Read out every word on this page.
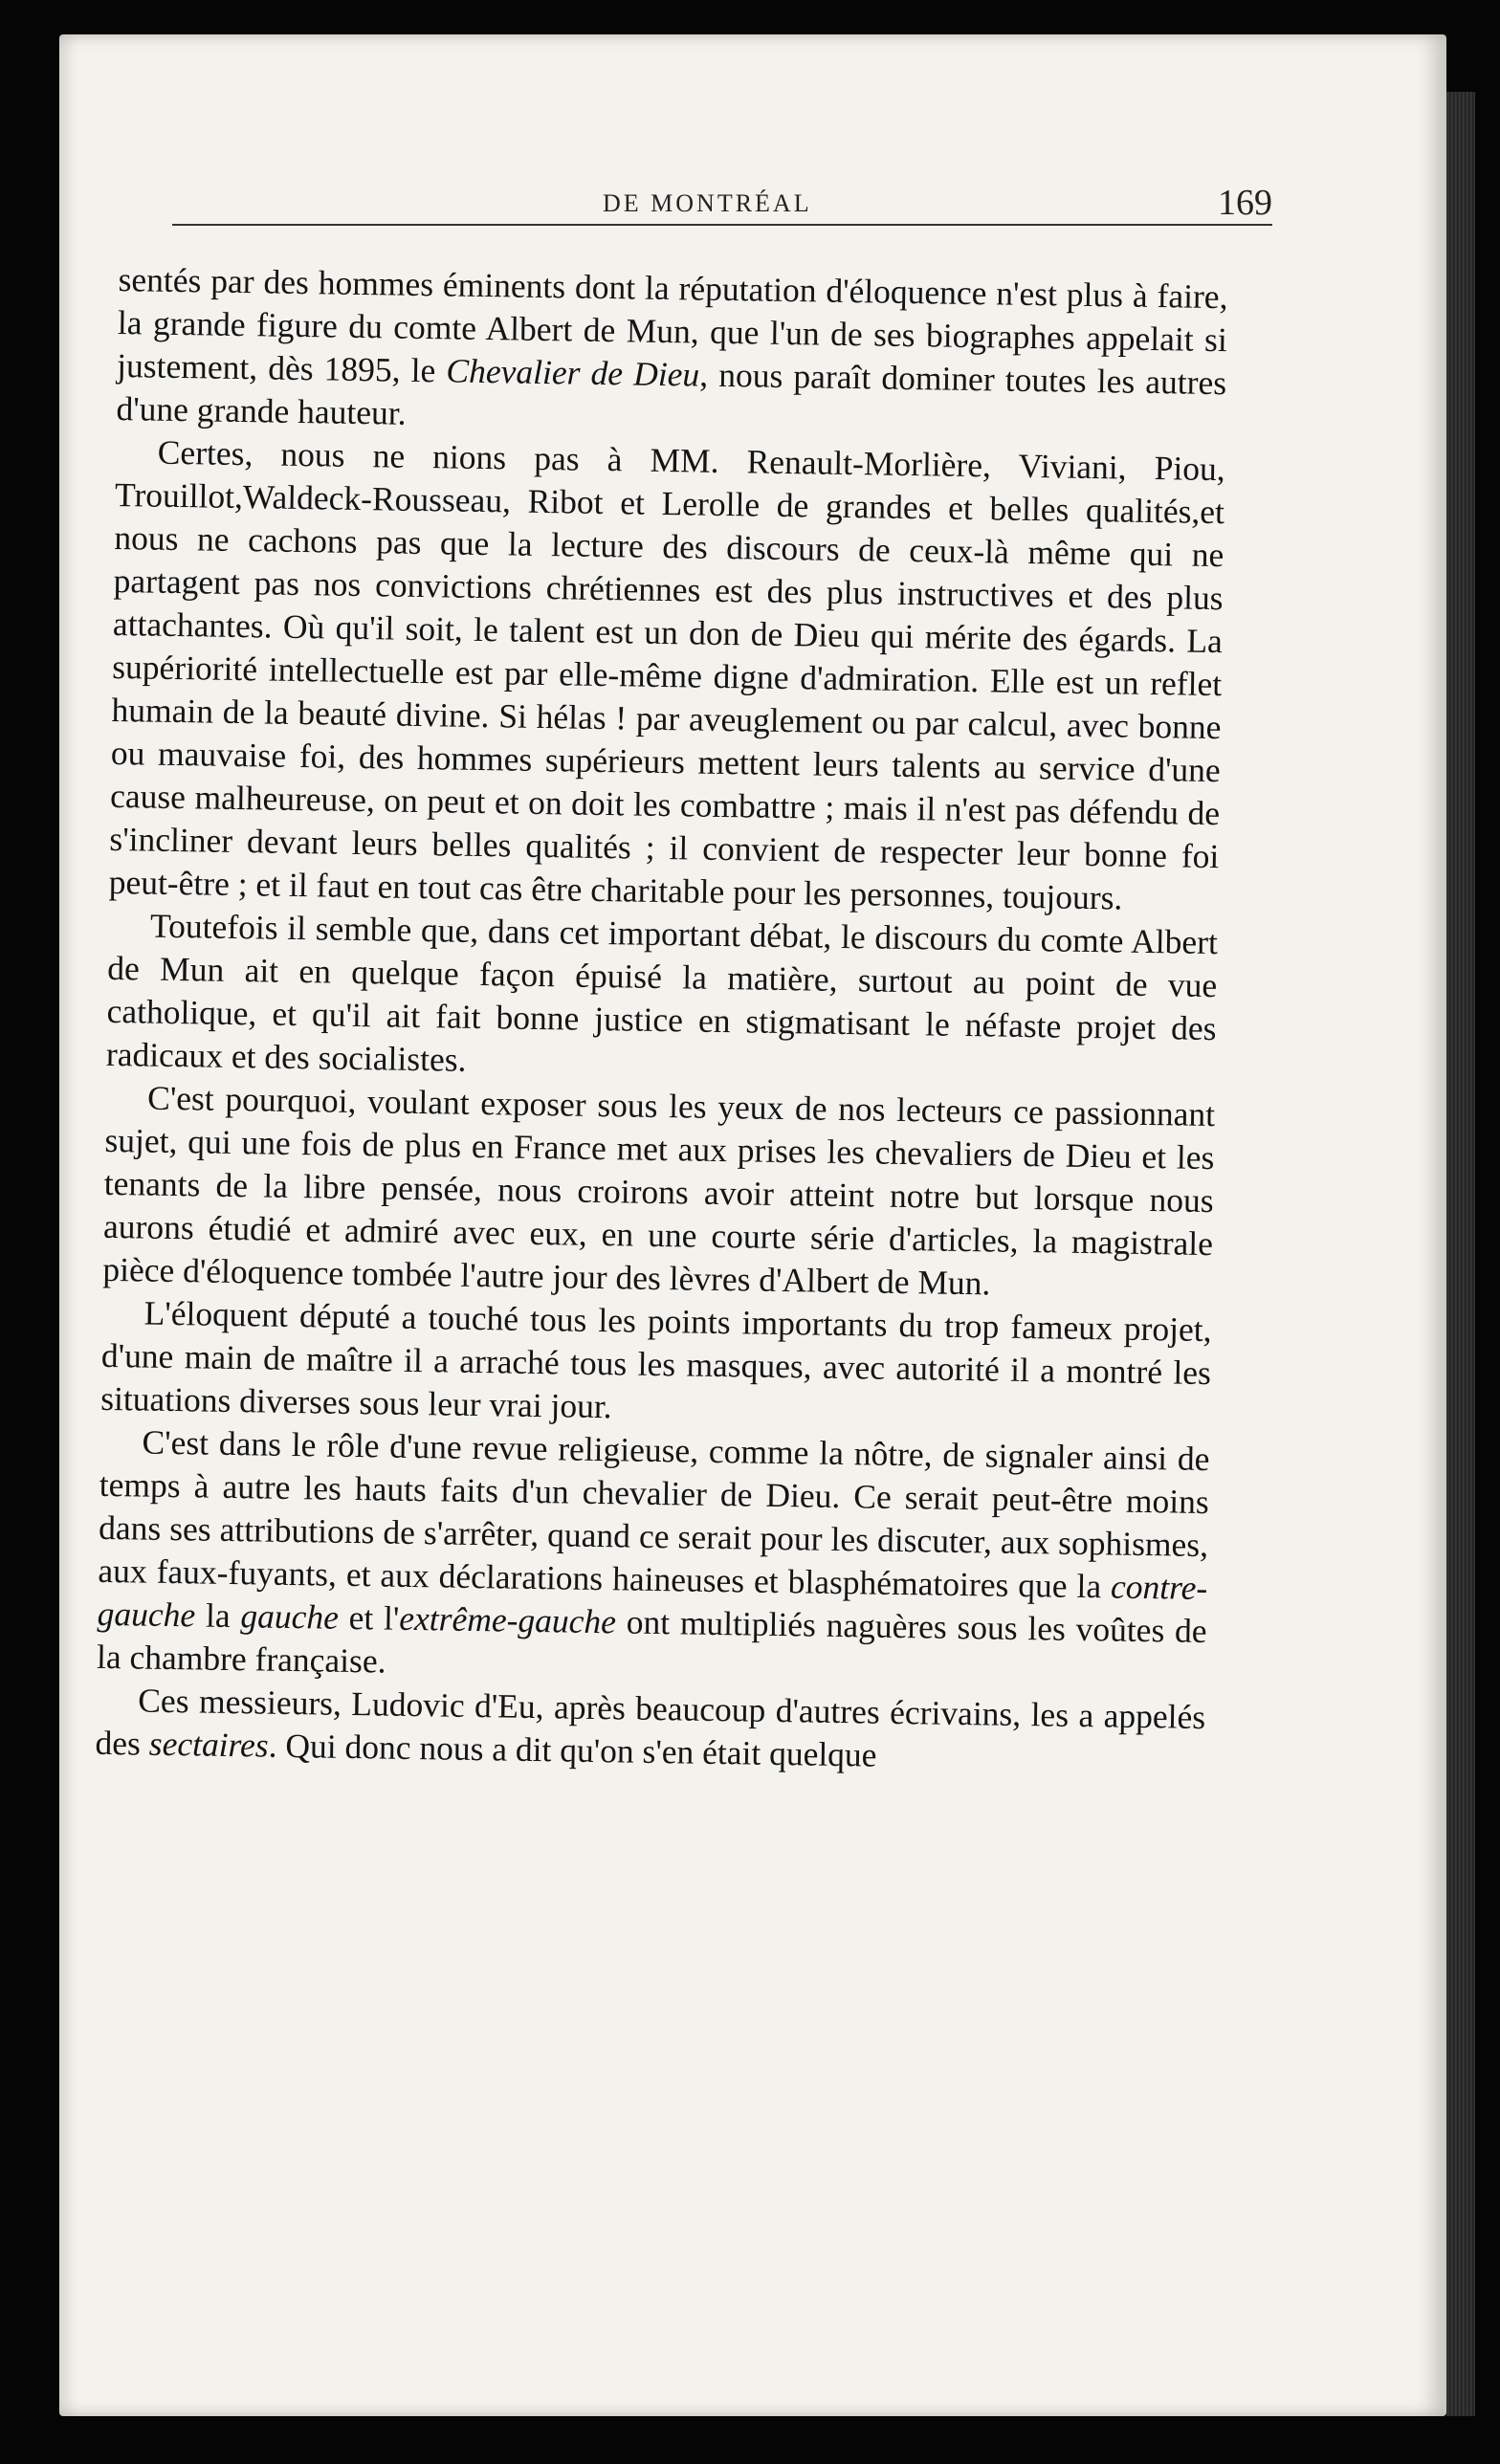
DE MONTRÉAL	169

sentés par des hommes éminents dont la réputation d'éloquence n'est plus à faire, la grande figure du comte Albert de Mun, que l'un de ses biographes appelait si justement, dès 1895, le Chevalier de Dieu, nous paraît dominer toutes les autres d'une grande hauteur.

Certes, nous ne nions pas à MM. Renault-Morlière, Viviani, Piou, Trouillot,Waldeck-Rousseau, Ribot et Lerolle de grandes et belles qualités,et nous ne cachons pas que la lecture des discours de ceux-là même qui ne partagent pas nos convictions chrétiennes est des plus instructives et des plus attachantes. Où qu'il soit, le talent est un don de Dieu qui mérite des égards. La supériorité intellectuelle est par elle-même digne d'admiration. Elle est un reflet humain de la beauté divine. Si hélas ! par aveuglement ou par calcul, avec bonne ou mauvaise foi, des hommes supérieurs mettent leurs talents au service d'une cause malheureuse, on peut et on doit les combattre ; mais il n'est pas défendu de s'incliner devant leurs belles qualités ; il convient de respecter leur bonne foi peut-être ; et il faut en tout cas être charitable pour les personnes, toujours.

Toutefois il semble que, dans cet important débat, le discours du comte Albert de Mun ait en quelque façon épuisé la matière, surtout au point de vue catholique, et qu'il ait fait bonne justice en stigmatisant le néfaste projet des radicaux et des socialistes.

C'est pourquoi, voulant exposer sous les yeux de nos lecteurs ce passionnant sujet, qui une fois de plus en France met aux prises les chevaliers de Dieu et les tenants de la libre pensée, nous croirons avoir atteint notre but lorsque nous aurons étudié et admiré avec eux, en une courte série d'articles, la magistrale pièce d'éloquence tombée l'autre jour des lèvres d'Albert de Mun.

L'éloquent député a touché tous les points importants du trop fameux projet, d'une main de maître il a arraché tous les masques, avec autorité il a montré les situations diverses sous leur vrai jour.

C'est dans le rôle d'une revue religieuse, comme la nôtre, de signaler ainsi de temps à autre les hauts faits d'un chevalier de Dieu. Ce serait peut-être moins dans ses attributions de s'arrêter, quand ce serait pour les discuter, aux sophismes, aux faux-fuyants, et aux déclarations haineuses et blasphématoires que la contre-gauche la gauche et l'extrême-gauche ont multipliés naguères sous les voûtes de la chambre française.

Ces messieurs, Ludovic d'Eu, après beaucoup d'autres écrivains, les a appelés des sectaires. Qui donc nous a dit qu'on s'en était quelque
